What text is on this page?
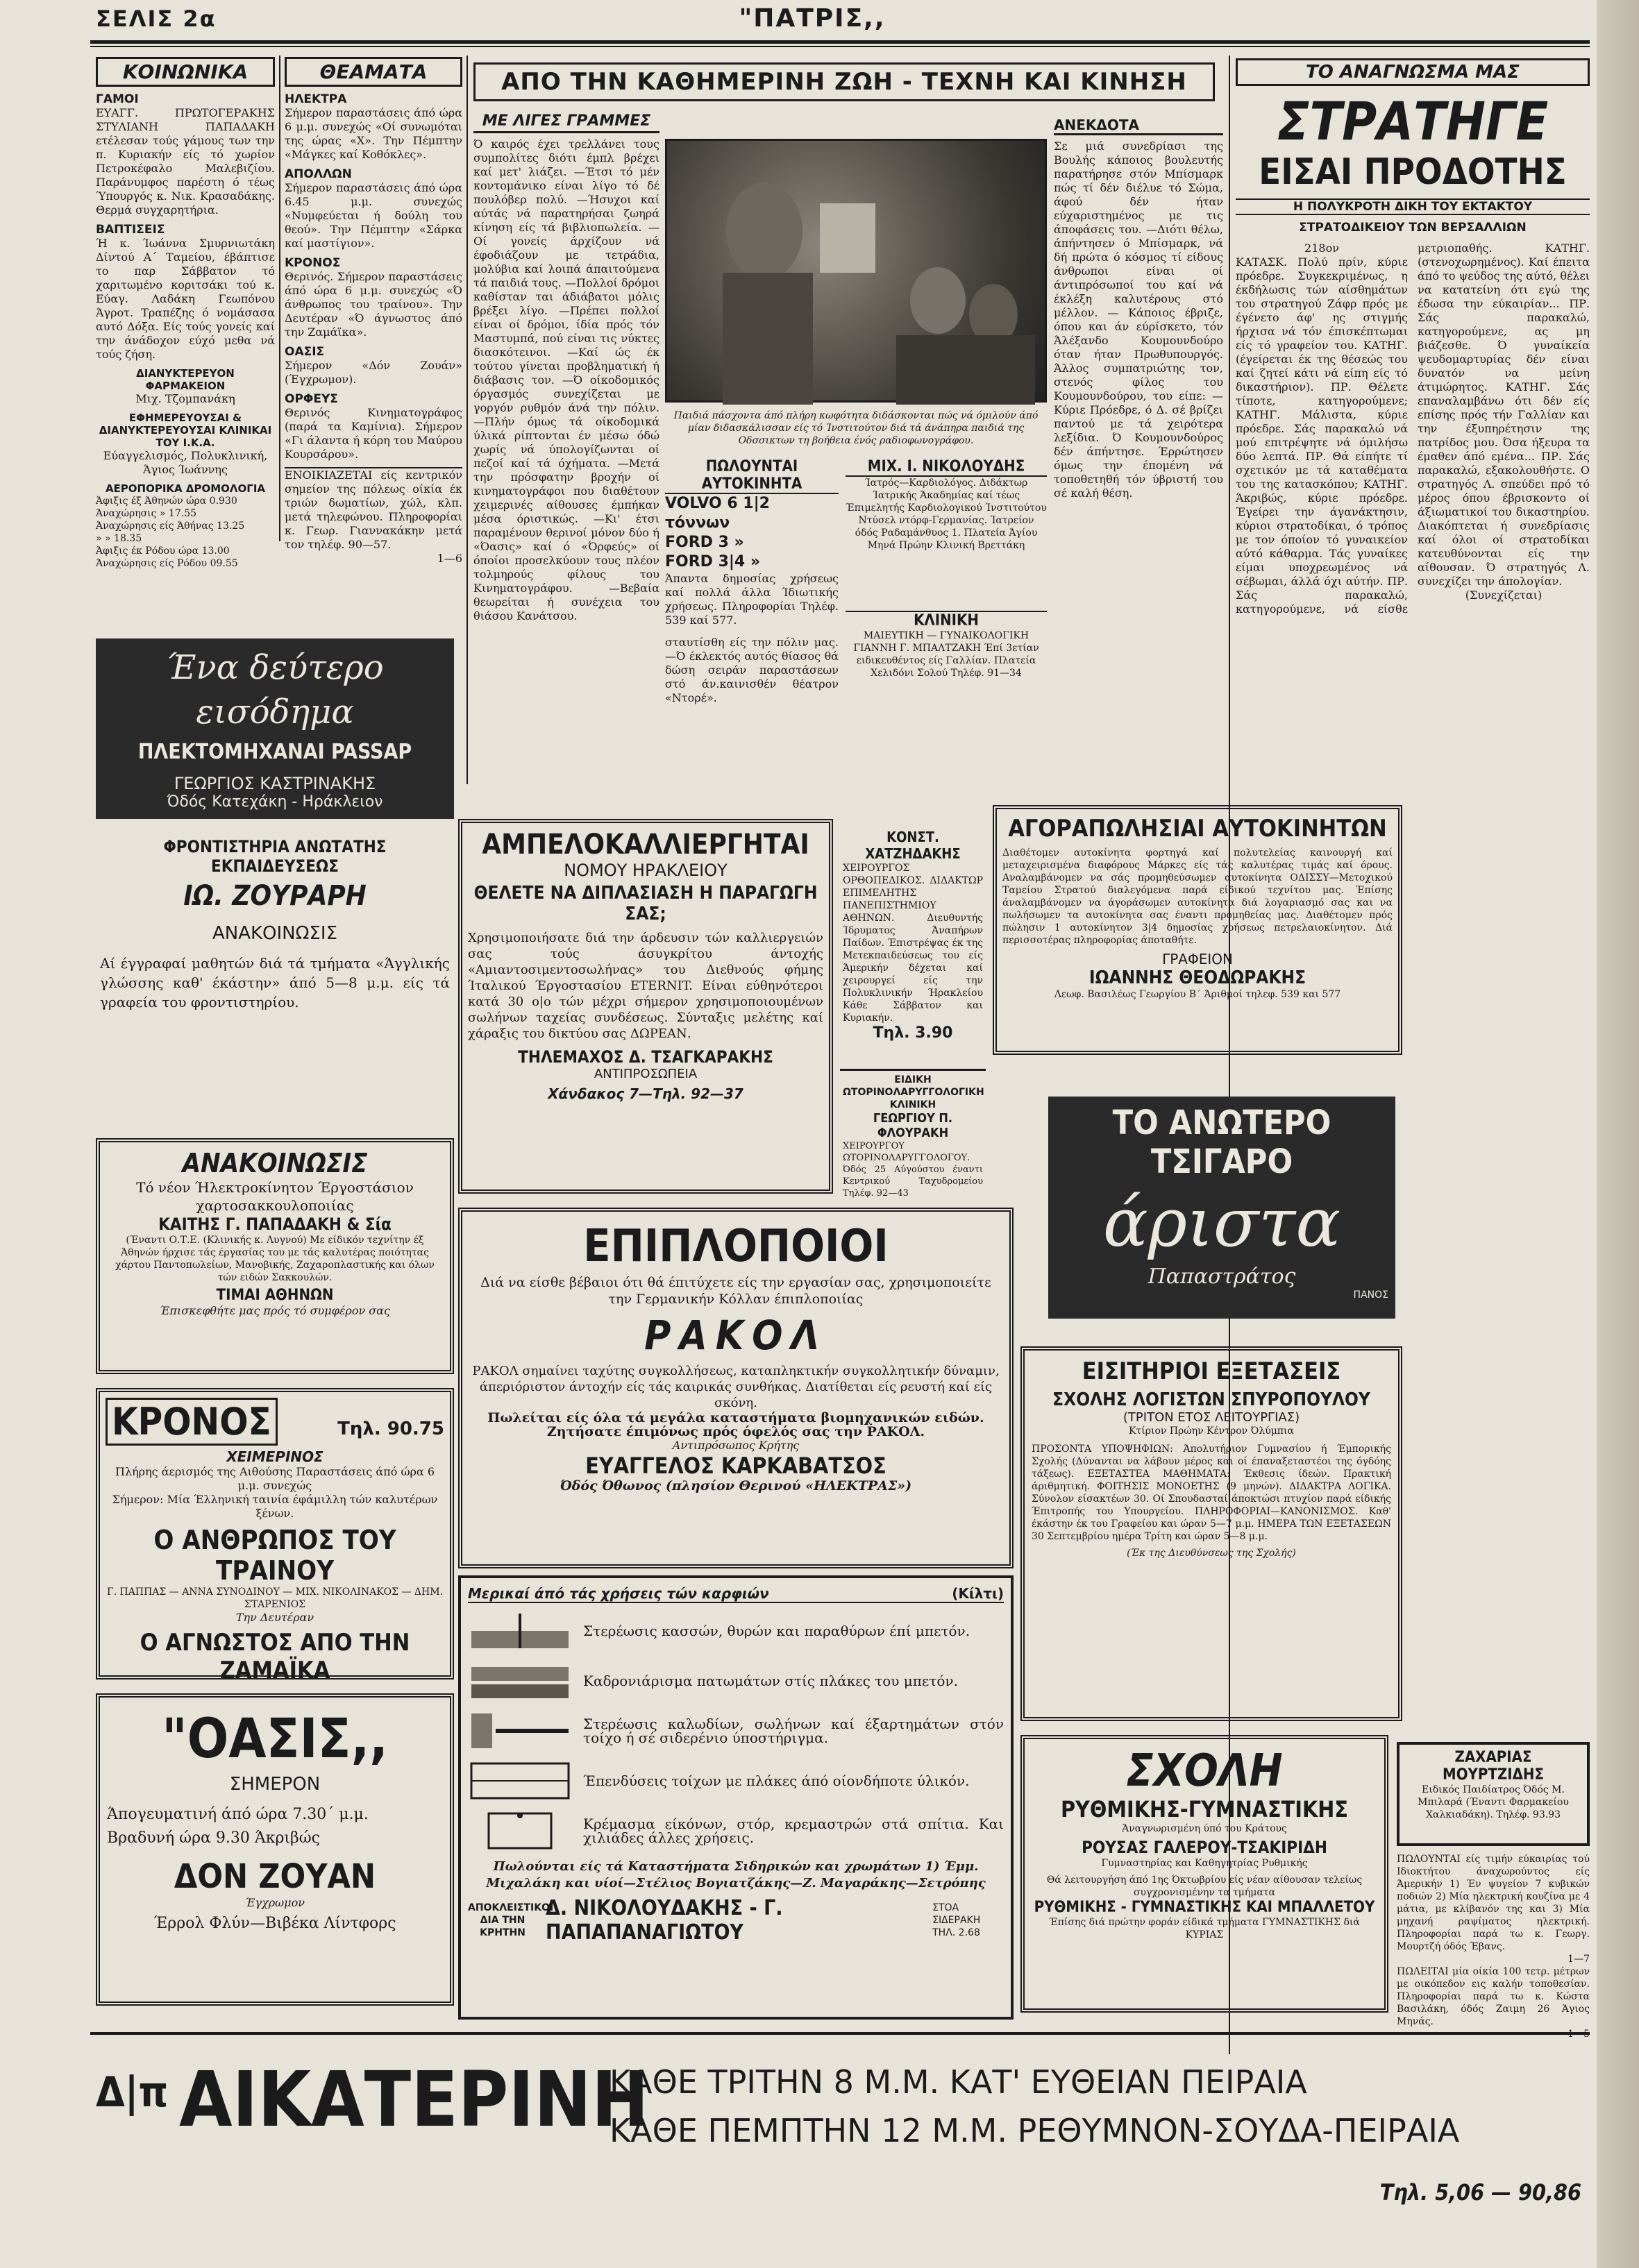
ΣΕΛΙΣ 2α	"ΠΑΤΡΙΣ,,
ΚΟΙΝΩΝΙΚΑ
ΓΑΜΟΙ

ΕΥΑΓΓ. ΠΡΩΤΟΓΕΡΑΚΗΣ ΣΤΥΛΙΑΝΗ ΠΑΠΑΔΑΚΗ ετέλεσαν τούς γάμους των την π. Κυριακήν είς τό χωρίον Πετροκέφαλο Μαλεβιζίου. Παράνυμφος παρέστη ό τέως Ύπουργός κ. Νικ. Κρασαδάκης. Θερμά συγχαρητήρια.

ΒΑΠΤΙΣΕΙΣ

Ή κ. Ίωάννα Σμυρνιωτάκη Δίντού Α΄ Ταμείου, έβάπτισε το παρ Σάββατον τό χαριτωμένο κοριτσάκι τού κ. Εύαγ. Λαδάκη Γεωπόνου Άγροτ. Τραπέζης ό νομάσασα αυτό Δόξα. Είς τούς γονείς καί την άνάδοχον εύχό μεθα νά τούς ζήση.

ΔΙΑΝΥΚΤΕΡΕΥΟΝ ΦΑΡΜΑΚΕΙΟΝ
Μιχ. Τζομπανάκη
ΕΦΗΜΕΡΕΥΟΥΣΑΙ & ΔΙΑΝΥΚΤΕΡΕΥΟΥΣΑΙ ΚΛΙΝΙΚΑΙ ΤΟΥ Ι.Κ.Α.
Εύαγγελισμός, Πολυκλινική, Άγιος Ίωάννης
ΑΕΡΟΠΟΡΙΚΑ ΔΡΟΜΟΛΟΓΙΑ
Άφιξις έξ Άθηνών ώρα 0.930
Άναχώρησις » 17.55
Άναχώρησις είς Άθήνας 13.25
» » 18.35
Άφιξις έκ Ρόδου ώρα 13.00
Άναχώρησις είς Ρόδου 09.55
ΘΕΑΜΑΤΑ
ΗΛΕΚΤΡΑ

Σήμερον παραστάσεις άπό ώρα 6 μ.μ. συνεχώς «Οί συνωμόται της ώρας «Χ». Την Πέμπτην «Μάγκες καί Κοθόκλες».

ΑΠΟΛΛΩΝ

Σήμερον παραστάσεις άπό ώρα 6.45 μ.μ. συνεχώς «Νυμφεύεται ή δούλη του θεού». Την Πέμπτην «Σάρκα καί μαστίγιον».

ΚΡΟΝΟΣ

Θερινός. Σήμερον παραστάσεις άπό ώρα 6 μ.μ. συνεχώς «Ό άνθρωπος του τραίνου». Την Δευτέραν «Ό άγνωστος άπό την Ζαμάϊκα».

ΟΑΣΙΣ

Σήμερον «Δόν Ζουάν» (Έγχρωμον).

ΟΡΦΕΥΣ

Θερινός Κινηματογράφος (παρά τα Καμίνια). Σήμερον «Γι άλαντα ή κόρη του Μαύρου Κουρσάρου».

ΕΝΟΙΚΙΑΖΕΤΑΙ είς κεντρικόν σημείον της πόλεως οίκία έκ τριών δωματίων, χώλ, κλπ. μετά τηλεφώνου. Πληροφορίαι κ. Γεωρ. Γιαννακάκην μετά τον τηλέφ. 90—57.

1—6
ΑΠΟ ΤΗΝ ΚΑΘΗΜΕΡΙΝΗ ΖΩΗ - ΤΕΧΝΗ ΚΑΙ ΚΙΝΗΣΗ
ΜΕ ΛΙΓΕΣ ΓΡΑΜΜΕΣ

Ό καιρός έχει τρελλάνει τους συμπολίτες διότι έμπλ βρέχει καί μετ' λιάζει. —Έτσι τό μέν κοντομάνικο είναι λίγο τό δέ πουλόβερ πολύ. —Ήσυχοι καί αύτάς νά παρατηρήσαι ζωηρά κίνηση είς τά βιβλιοπωλεία. —Οί γονείς άρχίζουν νά έφοδιάζουν με τετράδια, μολύβια καί λοιπά άπαιτούμενα τά παιδιά τους. —Πολλοί δρόμοι καθίσταν ται άδιάβατοι μόλις βρέξει λίγο. —Πρέπει πολλοί είναι οί δρόμοι, ίδία πρός τόν Μαστυμπά, πού είναι τις νύκτες διασκότεινοι. —Καί ώς έκ τούτου γίνεται προβληματική ή διάβασις τον. —Ό οίκοδομικός όργασμός συνεχίζεται με γοργόν ρυθμόν άνά την πόλιν. —Πλήν όμως τά οίκοδομικά ύλικά ρίπτονται έν μέσω όδώ χωρίς νά ύπολογίζωνται οί πεζοί καί τά όχήματα. —Μετά την πρόσφατην βροχήν οί κινηματογράφοι που διαθέτουν χειμερινές αίθουσες έμπήκαν μέσα όριστικώς. —Κι' έτσι παραμένουν θερινοί μόνον δύο ή «Όασις» καί ό «Όρφεύς» οί όποίοι προσελκύουν τους πλέον τολμηρούς φίλους του Κινηματογράφου. —Βεβαία θεωρείται ή συνέχεια του θιάσου Κανάτσου.

Παιδιά πάσχοντα άπό πλήρη κωφότητα διδάσκονται πώς νά όμιλούν άπό μίαν διδασκάλισσαν είς τό Ίνστιτούτον διά τά άνάπηρα παιδιά της Οδσσικτων τη βοήθεια ένός ραδιοφωνογράφου.
ΑΝΕΚΔΟΤΑ

Σε μιά συνεδρίασι της Βουλής κάποιος βουλευτής παρατήρησε στόν Μπίσμαρκ πώς τί δέν διέλυε τό Σώμα, άφού δέν ήταν εύχαριστημένος με τις άποφάσεις του. —Διότι θέλω, άπήντησεν ό Μπίσμαρκ, νά δή πρώτα ό κόσμος τί είδους άνθρωποι είναι οί άντιπρόσωποί του καί νά έκλέξη καλυτέρους στό μέλλον. — Κάποιος έβριζε, όπου και άν εύρίσκετο, τόν Άλέξανδο Κουμουνδούρο όταν ήταν Πρωθυπουργός. Άλλος συμπατριώτης τον, στενός φίλος του Κουμουνδούρου, του είπε: —Κύριε Πρόεδρε, ό Δ. σέ βρίζει παντού με τά χειρότερα λεξίδια. Ό Κουμουνδούρος δέν άπήντησε. Έρρώτησεν όμως την έπομένη νά τοποθετηθή τόν ύβριστή του σέ καλή θέση.

ΠΩΛΟΥΝΤΑΙ ΑΥΤΟΚΙΝΗΤΑ
VOLVO 6 1|2 τόννων
FORD 3 »
FORD 3|4 »

Άπαντα δημοσίας χρήσεως καί πολλά άλλα Ίδιωτικής χρήσεως. Πληροφορίαι Τηλέφ. 539 καί 577.

σταυτίσθη είς την πόλιν μας. —Ό έκλεκτός αυτός θίασος θά δώση σειράν παραστάσεων στό άν.καινισθέν θέατρον «Ντορέ».

ΜΙΧ. Ι. ΝΙΚΟΛΟΥΔΗΣ

Ίατρός—Καρδιολόγος. Διδάκτωρ Ίατρικής Άκαδημίας καί τέως Έπιμελητής Καρδιολογικού Ίνστιτούτου Ντύσελ ντόρφ-Γερμανίας. Ίατρείον όδός Ραδαμάνθυος 1. Πλατεία Άγίου Μηνά Πρώην Κλινική Βρεττάκη

ΚΛΙΝΙΚΗ

ΜΑΙΕΥΤΙΚΗ — ΓΥΝΑΙΚΟΛΟΓΙΚΗ ΓΙΑΝΝΗ Γ. ΜΠΑΛΤΖΑΚΗ Έπί 3ετίαν ειδικευθέντος είς Γαλλίαν. Πλατεία Χελιδόνι Σολού Τηλέφ. 91—34

ΤΟ ΑΝΑΓΝΩΣΜΑ ΜΑΣ
ΣΤΡΑΤΗΓΕ
ΕΙΣΑΙ ΠΡΟΔΟΤΗΣ
Η ΠΟΛΥΚΡΟΤΗ ΔΙΚΗ ΤΟΥ ΕΚΤΑΚΤΟΥ
ΣΤΡΑΤΟΔΙΚΕΙΟΥ ΤΩΝ ΒΕΡΣΑΛΛΙΩΝ
218ον

ΚΑΤΑΣΚ. Πολύ πρίν, κύριε πρόεδρε. Συγκεκριμένως, η έκδήλωσις τών αίσθημάτων του στρατηγού Ζάφρ πρός με έγένετο άφ' ης στιγμής ήρχισα νά τόν έπισκέπτωμαι είς τό γραφείον του. ΚΑΤΗΓ. (έγείρεται έκ της θέσεώς του καί ζητεί κάτι νά είπη είς τό δικαστήριον). ΠΡ. Θέλετε τίποτε, κατηγορούμενε; ΚΑΤΗΓ. Μάλιστα, κύριε πρόεδρε. Σάς παρακαλώ νά μού επιτρέψητε νά όμιλήσω δύο λεπτά. ΠΡ. Θά είπήτε τί σχετικόν με τά καταθέματα του της κατασκόπου; ΚΑΤΗΓ. Άκριβώς, κύριε πρόεδρε. Έγείρει την άγανάκτησιν, κύριοι στρατοδίκαι, ό τρόπος με τον όποίον τό γυναικείον αύτό κάθαρμα. Τάς γυναίκες είμαι υποχρεωμένος νά σέβωμαι, άλλά όχι αύτήν. ΠΡ. Σάς παρακαλώ, κατηγορούμενε, νά είσθε μετριοπαθής. ΚΑΤΗΓ. (στενοχωρημένος). Καί έπειτα άπό το ψεύδος της αύτό, θέλει να κατατείνη ότι εγώ της έδωσα την εύκαιρίαν... ΠΡ. Σάς παρακαλώ, κατηγορούμενε, ας μη βιάζεσθε. Ό γυναίκεία ψευδομαρτυρίας δέν είναι δυνατόν να μείνη άτιμώρητος. ΚΑΤΗΓ. Σάς επαναλαμβάνω ότι δέν είς επίσης πρός τήν Γαλλίαν και την έξυπηρέτησιν της πατρίδος μου. Όσα ήξευρα τα έμαθεν άπό εμένα... ΠΡ. Σάς παρακαλώ, εξακολουθήστε. Ο στρατηγός Λ. σπεύδει πρό τό μέρος όπου έβρισκοντο οί άξιωματικοί του δικαστηρίου. Διακόπτεται ή συνεδρίασις καί όλοι οί στρατοδίκαι κατευθύνονται είς την αίθουσαν. Ό στρατηγός Λ. συνεχίζει την άπολογίαν.

(Συνεχίζεται)
ΖΑΧΑΡΙΑΣ ΜΟΥΡΤΖΙΔΗΣ

Ειδικός Παιδίατρος Όδός Μ. Μπιλαρά (Έναντι Φαρμακείου Χαλκιαδάκη). Τηλέφ. 93.93

ΠΩΛΟΥΝΤΑΙ είς τιμήν εύκαιρίας τού Ιδιοκτήτου άναχωρούντος είς Άμερικήν 1) Έν ψυγείον 7 κυβικών ποδιών 2) Μία ηλεκτρική κουζίνα με 4 μάτια, με κλίβανόν της και 3) Μία μηχανή ραψίματος ηλεκτρική. Πληροφορίαι παρά τω κ. Γεωργ. Μουρτζή όδός Έβανς.

1—7

ΠΩΛΕΙΤΑΙ μία οίκία 100 τετρ. μέτρων με οικόπεδον εις καλήν τοποθεσίαν. Πληροφορίαι παρά τω κ. Κώστα Βασιλάκη, όδός Ζαιμη 26 Άγιος Μηνάς.

Ένα δεύτερο εισόδημα
ΠΛΕΚΤΟΜΗΧΑΝΑΙ PASSAP
ΓΕΩΡΓΙΟΣ ΚΑΣΤΡΙΝΑΚΗΣ
Όδός Κατεχάκη - Ηράκλειον
ΦΡΟΝΤΙΣΤΗΡΙΑ ΑΝΩΤΑΤΗΣ ΕΚΠΑΙΔΕΥΣΕΩΣ
ΙΩ. ΖΟΥΡΑΡΗ
ΑΝΑΚΟΙΝΩΣΙΣ

Αί έγγραφαί μαθητών διά τά τμήματα «Άγγλικής γλώσσης καθ' έκάστην» άπό 5—8 μ.μ. είς τά γραφεία του φροντιστηρίου.

ΑΝΑΚΟΙΝΩΣΙΣ

Τό νέον Ήλεκτροκίνητον Έργοστάσιον χαρτοσακκουλοποιίας

ΚΑΙΤΗΣ Γ. ΠΑΠΑΔΑΚΗ & Σία

(Έναντι Ο.Τ.Ε. (Κλινικής κ. Λυγνού) Με είδικόν τεχνίτην έξ Άθηνών ήρχισε τάς έργασίας του με τάς καλυτέρας ποιότητας χάρτου Παντοπωλείων, Μανοβικής, Ζαχαροπλαστικής και όλων τών ειδών Σακκουλών.

ΤΙΜΑΙ ΑΘΗΝΩΝ
Έπισκεφθήτε μας πρός τό συμφέρον σας
ΚΡΟΝΟΣ	Τηλ. 90.75
ΧΕΙΜΕΡΙΝΟΣ
Πλήρης άερισμός της Αιθούσης Παραστάσεις άπό ώρα 6 μ.μ. συνεχώς
Σήμερον: Μία Έλληνική ταινία έφάμιλλη τών καλυτέρων ξένων.
Ο ΑΝΘΡΩΠΟΣ ΤΟΥ ΤΡΑΙΝΟΥ
Γ. ΠΑΠΠΑΣ — ΑΝΝΑ ΣΥΝΟΔΙΝΟΥ — ΜΙΧ. ΝΙΚΟΛΙΝΑΚΟΣ — ΔΗΜ. ΣΤΑΡΕΝΙΟΣ
Την Δευτέραν
Ο ΑΓΝΩΣΤΟΣ ΑΠΟ ΤΗΝ ΖΑΜΑΪΚΑ
"ΟΑΣΙΣ,,
ΣΗΜΕΡΟΝ
Άπογευματινή άπό ώρα 7.30΄ μ.μ.
Βραδυνή ώρα 9.30 Άκριβώς
ΔΟΝ ΖΟΥΑΝ
Έγχρωμον
Έρρολ Φλύν—Βιβέκα Λίντφορς
ΑΜΠΕΛΟΚΑΛΛΙΕΡΓΗΤΑΙ
ΝΟΜΟΥ ΗΡΑΚΛΕΙΟΥ
ΘΕΛΕΤΕ ΝΑ ΔΙΠΛΑΣΙΑΣΗ Η ΠΑΡΑΓΩΓΗ ΣΑΣ;

Χρησιμοποιήσατε διά την άρδευσιν τών καλλιεργειών σας τούς άσυγκρίτου άντοχής «Αμιαντοσιμεντοσωλήνας» του Διεθνούς φήμης Ίταλικού Έργοστασίου ETERNIT. Είναι εύθηνότεροι κατά 30 ο|ο τών μέχρι σήμερον χρησιμοποιουμένων σωλήνων ταχείας συνδέσεως. Σύνταξις μελέτης καί χάραξις του δικτύου σας ΔΩΡΕΑΝ.

ΤΗΛΕΜΑΧΟΣ Δ. ΤΣΑΓΚΑΡΑΚΗΣ
ΑΝΤΙΠΡΟΣΩΠΕΙΑ
Χάνδακος 7—Τηλ. 92—37
ΚΟΝΣΤ. ΧΑΤΖΗΔΑΚΗΣ

ΧΕΙΡΟΥΡΓΟΣ ΟΡΘΟΠΕΔΙΚΟΣ. ΔΙΔΑΚΤΩΡ ΕΠΙΜΕΛΗΤΗΣ ΠΑΝΕΠΙΣΤΗΜΙΟΥ ΑΘΗΝΩΝ. Διευθυντής Ίδρυματος Άναπήρων Παίδων. Έπιστρέψας έκ της Μετεκπαιδεύσεως του είς Άμερικήν δέχεται καί χειρουργεί είς την Πολυκλινικήν Ήρακλείου Κάθε Σάββατον και Κυριακήν.

Τηλ. 3.90
ΕΙΔΙΚΗ ΩΤΟΡΙΝΟΛΑΡΥΓΓΟΛΟΓΙΚΗ ΚΛΙΝΙΚΗ
ΓΕΩΡΓΙΟΥ Π. ΦΛΟΥΡΑΚΗ

ΧΕΙΡΟΥΡΓΟΥ ΩΤΟΡΙΝΟΛΑΡΥΓΓΟΛΟΓΟΥ. Όδός 25 Αύγούστου έναντι Κεντρικού Ταχυδρομείου Τηλέφ. 92—43

ΑΓΟΡΑΠΩΛΗΣΙΑΙ ΑΥΤΟΚΙΝΗΤΩΝ

Διαθέτομεν αυτοκίνητα φορτηγά καί πολυτελείας καινουργή καί μεταχειρισμένα διαφόρους Μάρκες είς τάς καλυτέρας τιμάς καί όρους. Αναλαμβάνομεν να σάς προμηθεύσωμεν αυτοκίνητα ΟΔΙΣΣΥ—Μετοχικού Ταμείου Στρατού διαλεγόμενα παρά είδικού τεχνίτου μας. Έπίσης άναλαμβάνομεν να άγοράσωμεν αυτοκίνητα διά λογαριασμό σας και να πωλήσωμεν τα αυτοκίνητα σας έναντι προμηθείας μας. Διαθέτομεν πρός πώλησιν 1 αυτοκίνητον 3|4 δημοσίας χρήσεως πετρελαιοκίνητον. Διά περισσοτέρας πληροφορίας άποταθήτε.

ΓΡΑΦΕΙΟΝ
ΙΩΑΝΝΗΣ ΘΕΟΔΩΡΑΚΗΣ
Λεωφ. Βασιλέως Γεωργίου Β΄ Άριθμοί τηλεφ. 539 και 577
ΤΟ ΑΝΩΤΕΡΟ ΤΣΙΓΑΡΟ
άριστα
Παπαστράτος
ΠΑΝΟΣ
ΕΠΙΠΛΟΠΟΙΟΙ

Διά να είσθε βέβαιοι ότι θά έπιτύχετε είς την εργασίαν σας, χρησιμοποιείτε την Γερμανικήν Κόλλαν έπιπλοποιίας

ΡΑΚΟΛ

ΡΑΚΟΛ σημαίνει ταχύτης συγκολλήσεως, καταπληκτικήν συγκολλητικήν δύναμιν, άπεριόριστον άντοχήν είς τάς καιρικάς συνθήκας. Διατίθεται είς ρευστή καί είς σκόνη.

Πωλείται είς όλα τά μεγάλα καταστήματα βιομηχανικών ειδών.
Ζητήσατε έπιμόνως πρός όφελός σας την ΡΑΚΟΛ.
Αντιπρόσωπος Κρήτης
ΕΥΑΓΓΕΛΟΣ ΚΑΡΚΑΒΑΤΣΟΣ
Όδός Όθωνος (πλησίον Θερινού «ΗΛΕΚΤΡΑΣ»)
ΕΙΣΙΤΗΡΙΟΙ ΕΞΕΤΑΣΕΙΣ
ΣΧΟΛΗΣ ΛΟΓΙΣΤΩΝ ΣΠΥΡΟΠΟΥΛΟΥ
(ΤΡΙΤΟΝ ΕΤΟΣ ΛΕΙΤΟΥΡΓΙΑΣ)
Κτίριον Πρώην Κέντρον Όλύμπια

ΠΡΟΣΟΝΤΑ ΥΠΟΨΗΦΙΩΝ: Άπολυτήριον Γυμνασίου ή Έμπορικής Σχολής (Δύνανται να λάβουν μέρος και οί έπαναξεταστέοι της όγδόης τάξεως). ΕΞΕΤΑΣΤΕΑ ΜΑΘΗΜΑΤΑ: Έκθεσις ίδεών. Πρακτική άριθμητική. ΦΟΙΤΗΣΙΣ ΜΟΝΟΕΤΗΣ (9 μηνών). ΔΙΔΑΚΤΡΑ ΛΟΓΙΚΑ. Σύνολον είσακτέων 30. Οί Σπουδασταί άποκτώσι πτυχίον παρά είδικής Έπιτροπής του Υπουργείου. ΠΛΗΡΟΦΟΡΙΑΙ—ΚΑΝΟΝΙΣΜΟΣ. Καθ' έκάστην έκ του Γραφείου και ώραν 5—7 μ.μ. ΗΜΕΡΑ ΤΩΝ ΕΞΕΤΑΣΕΩΝ 30 Σεπτεμβρίου ημέρα Τρίτη και ώραν 5—8 μ.μ.

(Έκ της Διευθύνσεως της Σχολής)
Μερικαί άπό τάς χρήσεις τών καρφιών	(Κίλτι)
Στερέωσις κασσών, θυρών και παραθύρων έπί μπετόν.
Καδρονιάρισμα πατωμάτων στίς πλάκες του μπετόν.
Στερέωσις καλωδίων, σωλήνων καί έξαρτημάτων στόν τοίχο ή σέ σιδερένιο ύποστήριγμα.
Έπενδύσεις τοίχων με πλάκες άπό οίονδήποτε ύλικόν.
Κρέμασμα είκόνων, στόρ, κρεμαστρών στά σπίτια. Και χιλιάδες άλλες χρήσεις.

Πωλούνται είς τά Καταστήματα Σιδηρικών και χρωμάτων 1) Έμμ. Μιχαλάκη και υίοί—Στέλιος Βογιατζάκης—Ζ. Μαγαράκης—Σετρόπης

ΑΠΟΚΛΕΙΣΤΙΚΟΙ ΔΙΑ ΤΗΝ ΚΡΗΤΗΝ
Δ. ΝΙΚΟΛΟΥΔΑΚΗΣ - Γ. ΠΑΠΑΠΑΝΑΓΙΩΤΟΥ
ΣΤΟΑ ΣΙΔΕΡΑΚΗ ΤΗΛ. 2.68
ΣΧΟΛΗ
ΡΥΘΜΙΚΗΣ-ΓΥΜΝΑΣΤΙΚΗΣ
Άναγνωρισμένη ύπό του Κράτους
ΡΟΥΣΑΣ ΓΑΛΕΡΟΥ-ΤΣΑΚΙΡΙΔΗ
Γυμναστηρίας και Καθηγητρίας Ρυθμικής

Θά λειτουργήση άπό 1ης Όκτωβρίου είς νέαν αίθουσαν τελείως συγχρονισμένην τα τμήματα

ΡΥΘΜΙΚΗΣ - ΓΥΜΝΑΣΤΙΚΗΣ ΚΑΙ ΜΠΑΛΛΕΤΟΥ

Έπίσης διά πρώτην φοράν είδικά τμήματα ΓΥΜΝΑΣΤΙΚΗΣ διά ΚΥΡΙΑΣ

Δ|π ΑΙΚΑΤΕΡΙΝΗ
ΚΑΘΕ ΤΡΙΤΗΝ 8 Μ.Μ. ΚΑΤ' ΕΥΘΕΙΑΝ ΠΕΙΡΑΙΑ
ΚΑΘΕ ΠΕΜΠΤΗΝ 12 Μ.Μ. ΡΕΘΥΜΝΟΝ-ΣΟΥΔΑ-ΠΕΙΡΑΙΑ
Τηλ. 5,06 — 90,86
